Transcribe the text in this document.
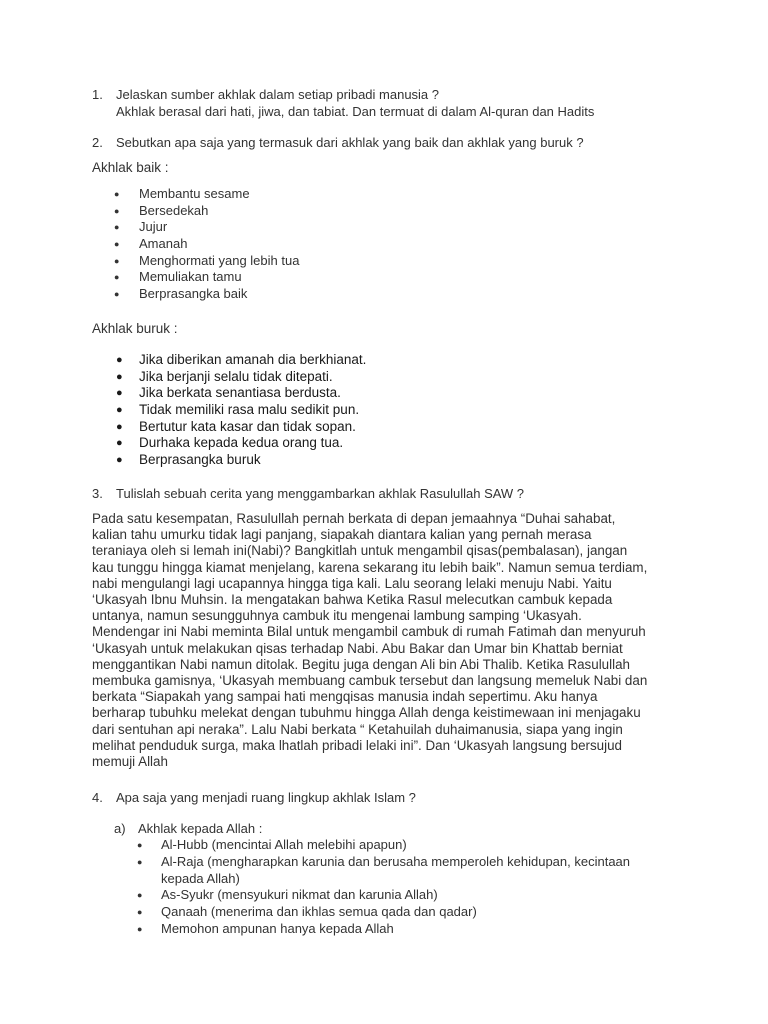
1. Jelaskan sumber akhlak dalam setiap pribadi manusia ?
Akhlak berasal dari hati, jiwa, dan tabiat. Dan termuat di dalam Al-quran dan Hadits
2. Sebutkan apa saja yang termasuk dari akhlak yang baik dan akhlak yang buruk ?
Akhlak baik :
● Membantu sesame
● Bersedekah
● Jujur
● Amanah
● Menghormati yang lebih tua
● Memuliakan tamu
● Berprasangka baik
Akhlak buruk :
● Jika diberikan amanah dia berkhianat.
● Jika berjanji selalu tidak ditepati.
● Jika berkata senantiasa berdusta.
● Tidak memiliki rasa malu sedikit pun.
● Bertutur kata kasar dan tidak sopan.
● Durhaka kepada kedua orang tua.
● Berprasangka buruk
3. Tulislah sebuah cerita yang menggambarkan akhlak Rasulullah SAW ?
Pada satu kesempatan, Rasulullah pernah berkata di depan jemaahnya “Duhai sahabat,
kalian tahu umurku tidak lagi panjang, siapakah diantara kalian yang pernah merasa
teraniaya oleh si lemah ini(Nabi)? Bangkitlah untuk mengambil qisas(pembalasan), jangan
kau tunggu hingga kiamat menjelang, karena sekarang itu lebih baik”. Namun semua terdiam,
nabi mengulangi lagi ucapannya hingga tiga kali. Lalu seorang lelaki menuju Nabi. Yaitu
‘Ukasyah Ibnu Muhsin. Ia mengatakan bahwa Ketika Rasul melecutkan cambuk kepada
untanya, namun sesungguhnya cambuk itu mengenai lambung samping ‘Ukasyah.
Mendengar ini Nabi meminta Bilal untuk mengambil cambuk di rumah Fatimah dan menyuruh
‘Ukasyah untuk melakukan qisas terhadap Nabi. Abu Bakar dan Umar bin Khattab berniat
menggantikan Nabi namun ditolak. Begitu juga dengan Ali bin Abi Thalib. Ketika Rasulullah
membuka gamisnya, ‘Ukasyah membuang cambuk tersebut dan langsung memeluk Nabi dan
berkata “Siapakah yang sampai hati mengqisas manusia indah sepertimu. Aku hanya
berharap tubuhku melekat dengan tubuhmu hingga Allah denga keistimewaan ini menjagaku
dari sentuhan api neraka”. Lalu Nabi berkata “ Ketahuilah duhaimanusia, siapa yang ingin
melihat penduduk surga, maka lhatlah pribadi lelaki ini”. Dan ‘Ukasyah langsung bersujud
memuji Allah
4. Apa saja yang menjadi ruang lingkup akhlak Islam ?
a) Akhlak kepada Allah :
● Al-Hubb (mencintai Allah melebihi apapun)
● Al-Raja (mengharapkan karunia dan berusaha memperoleh kehidupan, kecintaan
kepada Allah)
● As-Syukr (mensyukuri nikmat dan karunia Allah)
● Qanaah (menerima dan ikhlas semua qada dan qadar)
● Memohon ampunan hanya kepada Allah
